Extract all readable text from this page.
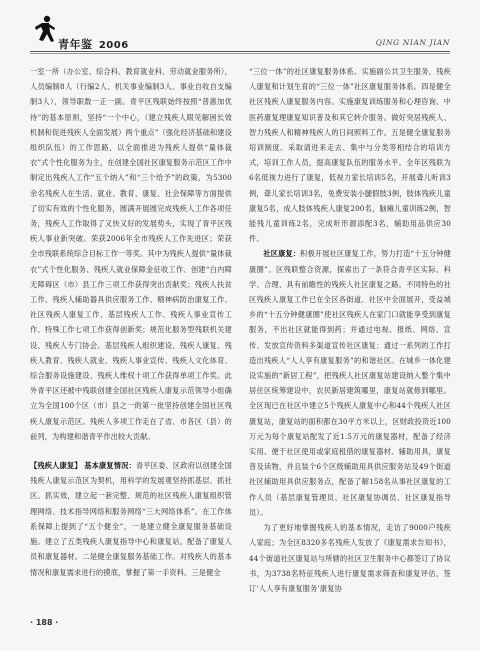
青年鉴 2006	QING NIAN JIAN

一室一所（办公室、综合科、教育就业科、劳动就业服务所），人员编制8人（行编2人、机关事业编制3人、事业自收自支编制3人），领导职数一正一副。青平区残联始终按照“普惠加优待”的基本原则，坚持“一个中心，（建立残疾人眼见解困长效机制和促进残疾人全面发展）两个重点”（强化经济基础和建设组织队伍）的工作思路，以全面推进为残疾人提供“量体裁衣”式个性化服务为主，在创建全国社区康复服务示范区工作中制定出残疾人工作“五个纳入”和“三个给予”的政策，为5300余名残疾人在生活、就业、教育、康复、社会保障等方面提供了切实有效的个性化服务，圆满开展圆完成残疾人工作各项任务，残疾人工作取得了又快又好的发展势头，实现了青平区残疾人事业新突破。荣获2006年全市残疾人工作先进区；荣获全市残联系统综合目标工作一等奖。其中为残疾人提供“量体裁衣”式个性化服务、残疾人就业保障金征收工作、创建“白内障无障碍区（市）县工作三项工作获得突出贡献奖；残疾人扶贫工作、残疾人辅助器具供应服务工作、精神病防治康复工作、社区残疾人康复工作、基层残疾人工作、残疾人事业宣传工作、特殊工作七项工作获得创新奖；规范化服务型残联机关建设、残疾人专门协会、基层残疾人组织建设、残疾人康复、残疾人教育、残疾人就业、残疾人事业宣传、残疾人文化体育、综合服务设施建设、残疾人维权十项工作获得单项工作奖。此外青平区还被中残联创建全国社区残疾人康复示范领导小组确立为全国100个区（市）县之一的第一批坚持创建全国社区残疾人康复示范区。残疾人多项工作走在了省、市各区（县）的前列，为构建和谐青平作出较大贡献。

【残疾人康复】 基本康复情况：青平区委、区政府以创建全国残疾人康复示范区为契机，用科学的发展观坚持抓基层、抓社区、抓实效，建立起一套完整、规范的社区残疾人康复组织管理网络、技术指导网络和服务网络“三大网络体系”。在工作体系保障上提到了“五个健全”，一是建立健全康复服务基础设施。建立了五类残疾人康复指导中心和康复站，配备了康复人员和康复器材。二是健全康复服务基础工作。对残疾人的基本情况和康复需求进行的摸底，掌握了第一手资料。三是健全

“三位一体”的社区康复服务体系。实施副公共卫生服务，残疾人康复和计划生育的“三位一体”社区康复服务体系。四是健全社区残疾人康复服务内容。实施康复训练服务和心理咨询、中医药康复理康复知识普及和其它转介服务。做好突居残疾人、智力残疾人和精神残疾人的日间照料工作。五是健全康复服务培训制度。采取请进来走去、集中与分类等相结合的培训方式，培训工作人员，提高康复队伍的服务水平。全年区残联为6名低视力进行了康复，低视力家长培训5名，开展聋儿听训3例，聋儿家长培训3名，免费安装小腿假肢3例，肢体残疾儿童康复5名，成人肢体残疾人康复200名，脑瘫儿童训练2例，智能残儿童训练2名，完成听形源添配3名，辅助用品供应30件。

社区康复：积极开展社区康复工作，努力打造“十五分钟健康圈”。区残联整合资源，探索出了一条符合青平区实际、科学、合理、具有前瞻性的残疾人社区康复之路。不同特色的社区残疾人康复工作已在全区各街道、社区中全面展开，受益城乡的“十五分钟健康圈”使社区残疾人在家门口就能享受到康复服务，不出社区就能得到药；并通过电视、报纸、网络、宣传、发放宣传资料多渠道宣传社区康复；通过一系列的工作打造出残疾人“人人享有康复服务”的和谐社区。在城乡一体化建设实施的“新居工程”，把残疾人社区康复站建设纳入整个集中居住区统筹建设中，农民新居建筑哪里，康复站就修到哪里。全区现已在社区中建立5个残疾人康复中心和44个残疾人社区康复站，康复站的面积都在30平方米以上，区财政投资近100万元为每个康复站配发了近1.5万元的康复器材，配备了经济实用、便于社区使用或家庭租借的康复器材、辅助用具，康复普及读物，并且装个6个区级辅助用具供应服务站及49个街道社区辅助用具供应服务点，配备了解158名从事社区康复的工作人员（基层康复管理员、社区康复协调员、社区康复指导员）。

为了更好地掌握残疾人的基本情况，走访了9000户残疾人家庭；为全区8320多名残疾人发放了《康复需求告知书》，44个街道社区康复站与所辖的社区卫生服务中心都签订了协议书，为3738名特征残疾人进行康复需求筛查和康复评估，签订‘人人享有康复服务’康复协

· 188 ·
